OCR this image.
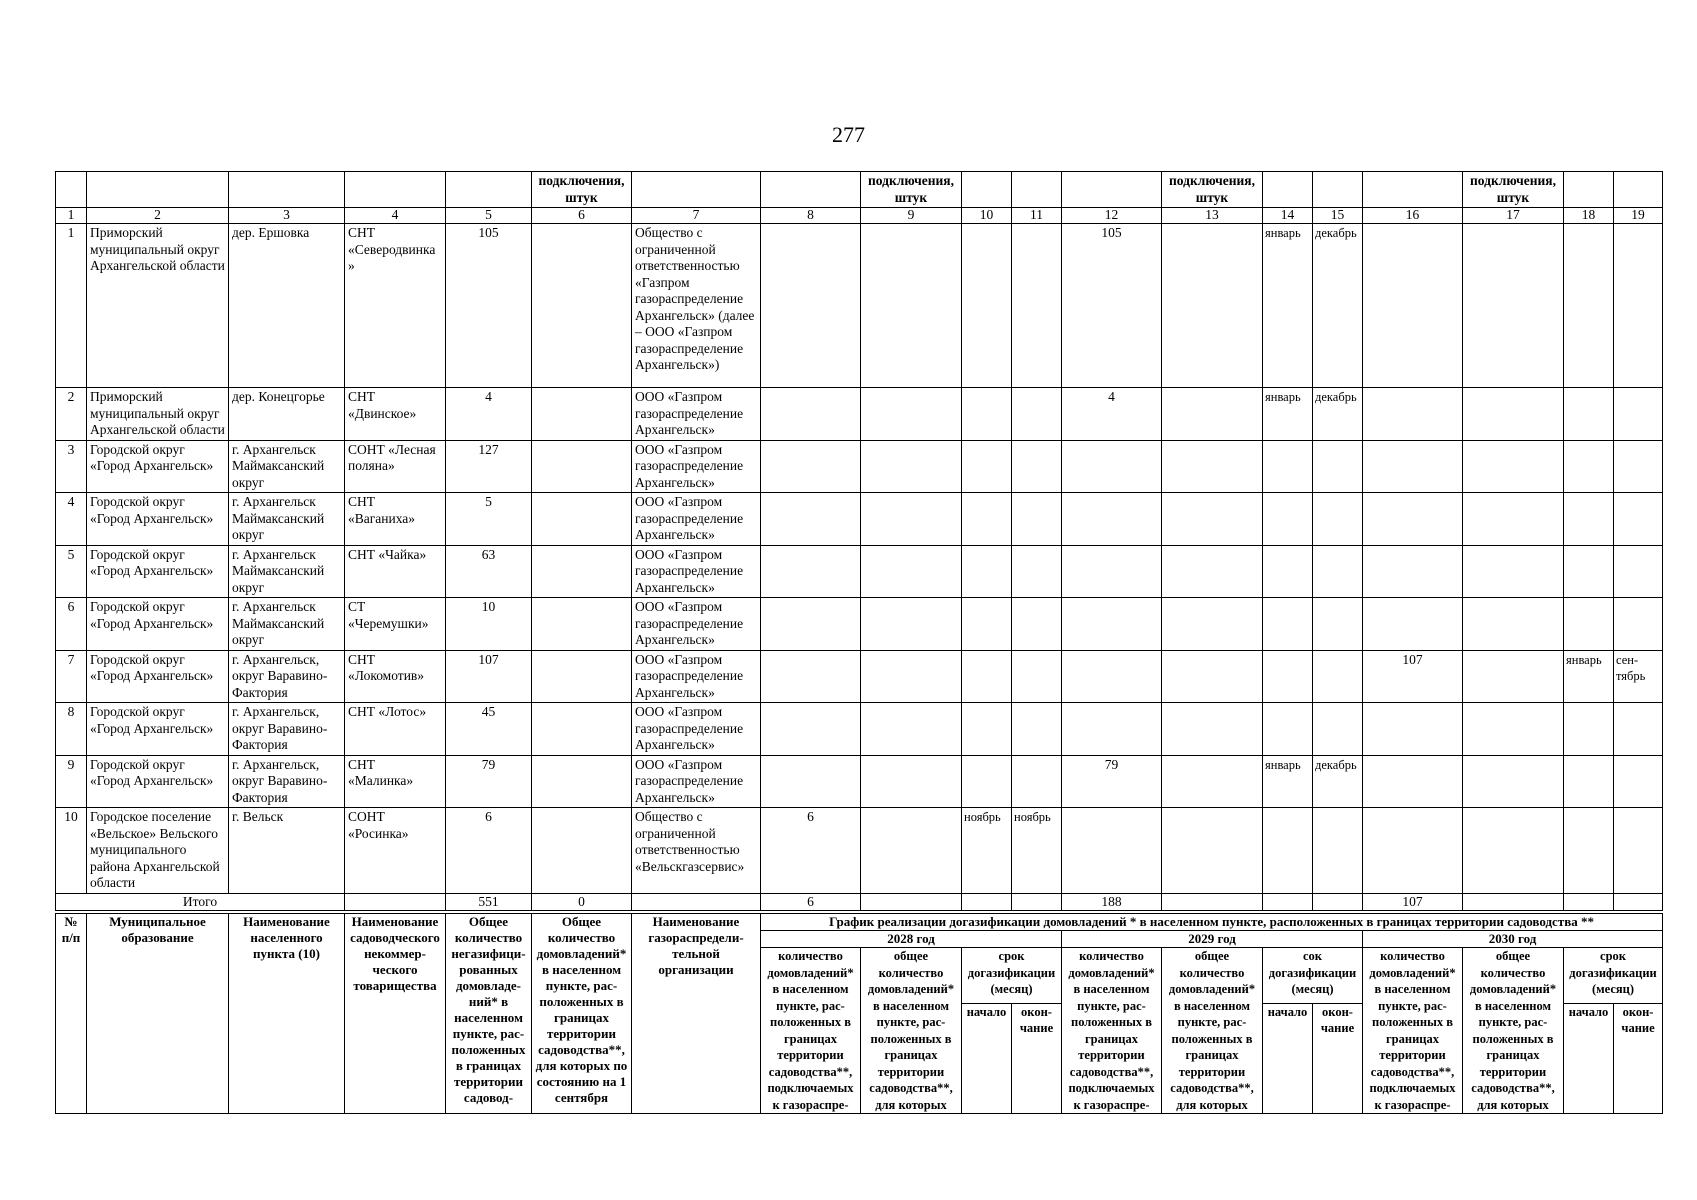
277
					подключения, штук			подключения, штук				подключения, штук				подключения, штук		
1	2	3	4	5	6	7	8	9	10	11	12	13	14	15	16	17	18	19
1	Приморский муниципальный округ Архангельской области	дер. Ершовка	СНТ «Северодвинка»	105		Общество с ограниченной ответственностью «Газпром газораспределение Архангельск» (далее – ООО «Газпром газораспределение Архангельск»)					105		январь	декабрь				
2	Приморский муниципальный округ Архангельской области	дер. Конецгорье	СНТ «Двинское»	4		ООО «Газпром газораспределение Архангельск»					4		январь	декабрь				
3	Городской округ «Город Архангельск»	г. Архангельск Маймаксанский округ	СОНТ «Лесная поляна»	127		ООО «Газпром газораспределение Архангельск»												
4	Городской округ «Город Архангельск»	г. Архангельск Маймаксанский округ	СНТ «Ваганиха»	5		ООО «Газпром газораспределение Архангельск»												
5	Городской округ «Город Архангельск»	г. Архангельск Маймаксанский округ	СНТ «Чайка»	63		ООО «Газпром газораспределение Архангельск»												
6	Городской округ «Город Архангельск»	г. Архангельск Маймаксанский округ	СТ «Черемушки»	10		ООО «Газпром газораспределение Архангельск»												
7	Городской округ «Город Архангельск»	г. Архангельск, округ Варавино-Фактория	СНТ «Локомотив»	107		ООО «Газпром газораспределение Архангельск»									107		январь	сен-тябрь
8	Городской округ «Город Архангельск»	г. Архангельск, округ Варавино-Фактория	СНТ «Лотос»	45		ООО «Газпром газораспределение Архангельск»												
9	Городской округ «Город Архангельск»	г. Архангельск, округ Варавино-Фактория	СНТ «Малинка»	79		ООО «Газпром газораспределение Архангельск»					79		январь	декабрь				
10	Городское поселение «Вельское» Вельского муниципального района Архангельской области	г. Вельск	СОНТ «Росинка»	6		Общество с ограниченной ответственностью «Вельскгазсервис»	6		ноябрь	ноябрь								
Итого				551	0		6				188				107			
№ п/п	Муниципальное образование	Наименование населенного пункта (10)	Наименование садоводческого некоммер-ческого товарищества	Общее количество негазифици-рованных домовладе-ний* в населенном пункте, рас-положенных в границах территории садовод-	Общее количество домовладений* в населенном пункте, рас-положенных в границах территории садоводства**, для которых по состоянию на 1 сентября	Наименование газораспредели-тельной организации	График реализации догазификации домовладений * в населенном пункте, расположенных в границах территории садоводства **											
							2028 год				2029 год				2030 год			
							количество домовладений* в населенном пункте, рас-положенных в границах территории садоводства**, подключаемых к газораспре-	общее количество домовладений* в населенном пункте, рас-положенных в границах территории садоводства**, для которых	срок догазификации (месяц)		количество домовладений* в населенном пункте, рас-положенных в границах территории садоводства**, подключаемых к газораспре-	общее количество домовладений* в населенном пункте, рас-положенных в границах территории садоводства**, для которых	сок догазификации (месяц)		количество домовладений* в населенном пункте, рас-положенных в границах территории садоводства**, подключаемых к газораспре-	общее количество домовладений* в населенном пункте, рас-положенных в границах территории садоводства**, для которых	срок догазификации (месяц)	
									начало	окон-чание			начало	окон-чание			начало	окон-чание
